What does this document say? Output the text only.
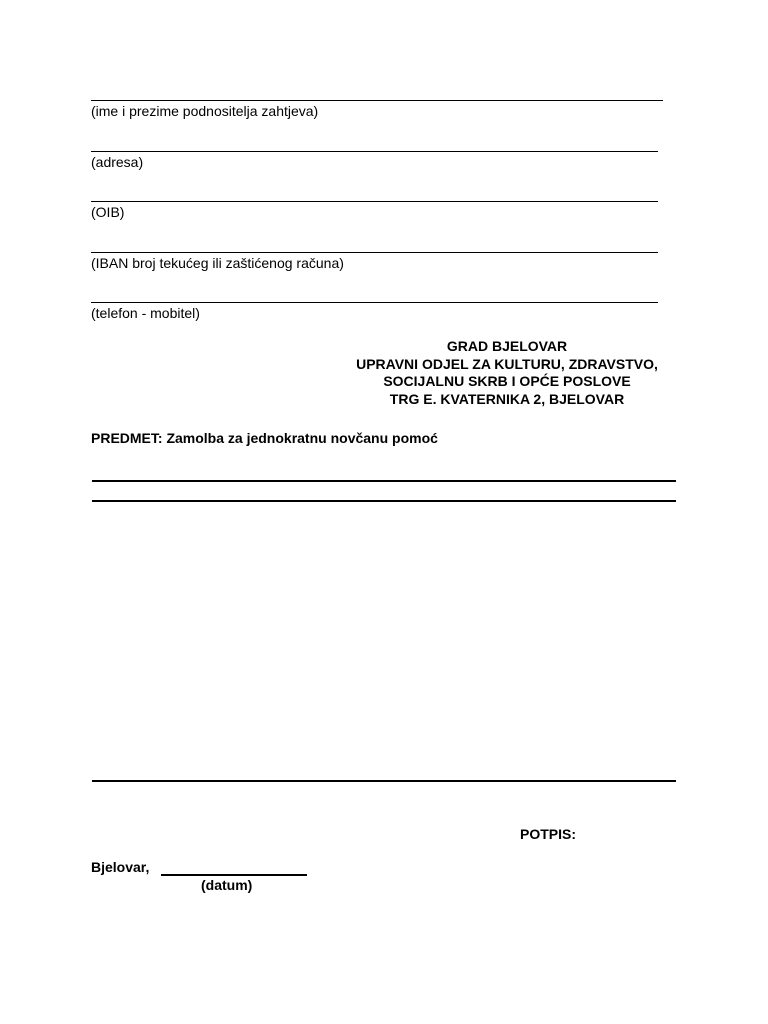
(ime i prezime podnositelja zahtjeva)
(adresa)
(OIB)
(IBAN broj tekućeg ili zaštićenog računa)
(telefon - mobitel)
GRAD BJELOVAR
UPRAVNI ODJEL ZA KULTURU, ZDRAVSTVO,
SOCIJALNU SKRB I OPĆE POSLOVE
TRG E. KVATERNIKA 2, BJELOVAR
PREDMET: Zamolba za jednokratnu novčanu pomoć
POTPIS:
Bjelovar,
(datum)
